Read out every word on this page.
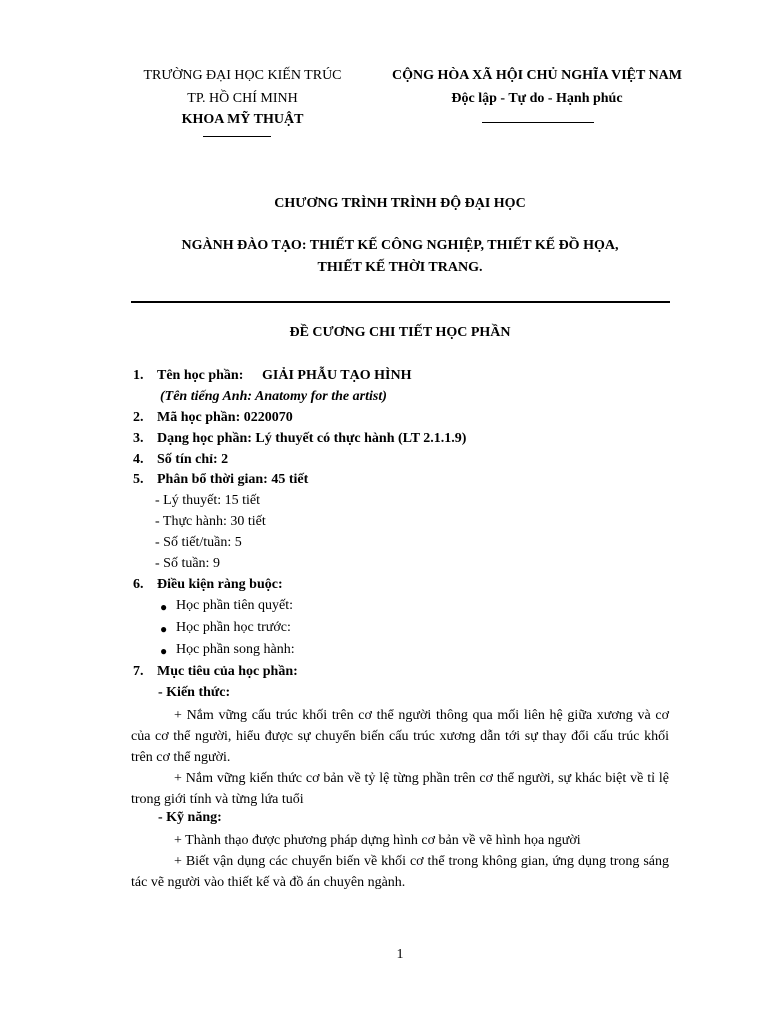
TRƯỜNG ĐẠI HỌC KIẾN TRÚC
TP. HỒ CHÍ MINH
KHOA MỸ THUẬT
CỘNG HÒA XÃ HỘI CHỦ NGHĨA VIỆT NAM
Độc lập - Tự do - Hạnh phúc
CHƯƠNG TRÌNH TRÌNH ĐỘ ĐẠI HỌC
NGÀNH ĐÀO TẠO: THIẾT KẾ CÔNG NGHIỆP, THIẾT KẾ ĐỒ HỌA,
THIẾT KẾ THỜI TRANG.
ĐỀ CƯƠNG CHI TIẾT HỌC PHẦN
1. Tên học phần: GIẢI PHẪU TẠO HÌNH
(Tên tiếng Anh: Anatomy for the artist)
2. Mã học phần: 0220070
3. Dạng học phần: Lý thuyết có thực hành (LT 2.1.1.9)
4. Số tín chỉ: 2
5. Phân bổ thời gian: 45 tiết
- Lý thuyết: 15 tiết
- Thực hành: 30 tiết
- Số tiết/tuần: 5
- Số tuần: 9
6. Điều kiện ràng buộc:
● Học phần tiên quyết:
● Học phần học trước:
● Học phần song hành:
7. Mục tiêu của học phần:
- Kiến thức:
+ Nắm vững cấu trúc khối trên cơ thể người thông qua mối liên hệ giữa xương và cơ của cơ thể người, hiểu được sự chuyển biến cấu trúc xương dẫn tới sự thay đổi cấu trúc khối trên cơ thể người.
+ Nắm vững kiến thức cơ bản về tỷ lệ từng phần trên cơ thể người, sự khác biệt về tỉ lệ trong giới tính và từng lứa tuổi
- Kỹ năng:
+ Thành thạo được phương pháp dựng hình cơ bản về vẽ hình họa người
+ Biết vận dụng các chuyển biến về khối cơ thể trong không gian, ứng dụng trong sáng tác vẽ người vào thiết kế và đồ án chuyên ngành.
1
